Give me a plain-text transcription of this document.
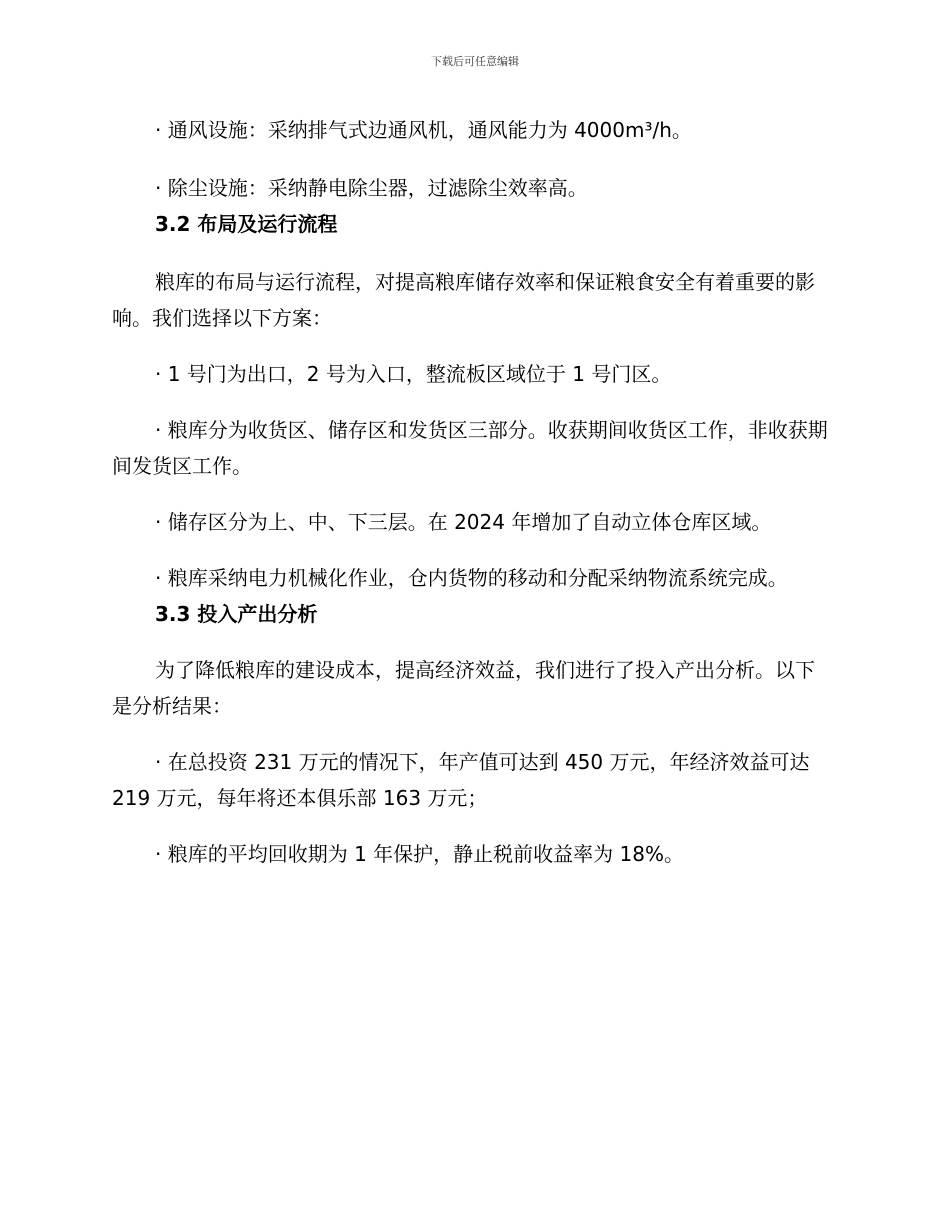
下载后可任意编辑

· 通风设施：采纳排气式边通风机，通风能力为 4000m³/h。

· 除尘设施：采纳静电除尘器，过滤除尘效率高。

3.2 布局及运行流程

粮库的布局与运行流程，对提高粮库储存效率和保证粮食安全有着重要的影响。我们选择以下方案：

· 1 号门为出口，2 号为入口，整流板区域位于 1 号门区。

· 粮库分为收货区、储存区和发货区三部分。收获期间收货区工作，非收获期间发货区工作。

· 储存区分为上、中、下三层。在 2024 年增加了自动立体仓库区域。

· 粮库采纳电力机械化作业，仓内货物的移动和分配采纳物流系统完成。

3.3 投入产出分析

为了降低粮库的建设成本，提高经济效益，我们进行了投入产出分析。以下是分析结果：

· 在总投资 231 万元的情况下，年产值可达到 450 万元，年经济效益可达 219 万元，每年将还本俱乐部 163 万元；

· 粮库的平均回收期为 1 年保护，静止税前收益率为 18%。
